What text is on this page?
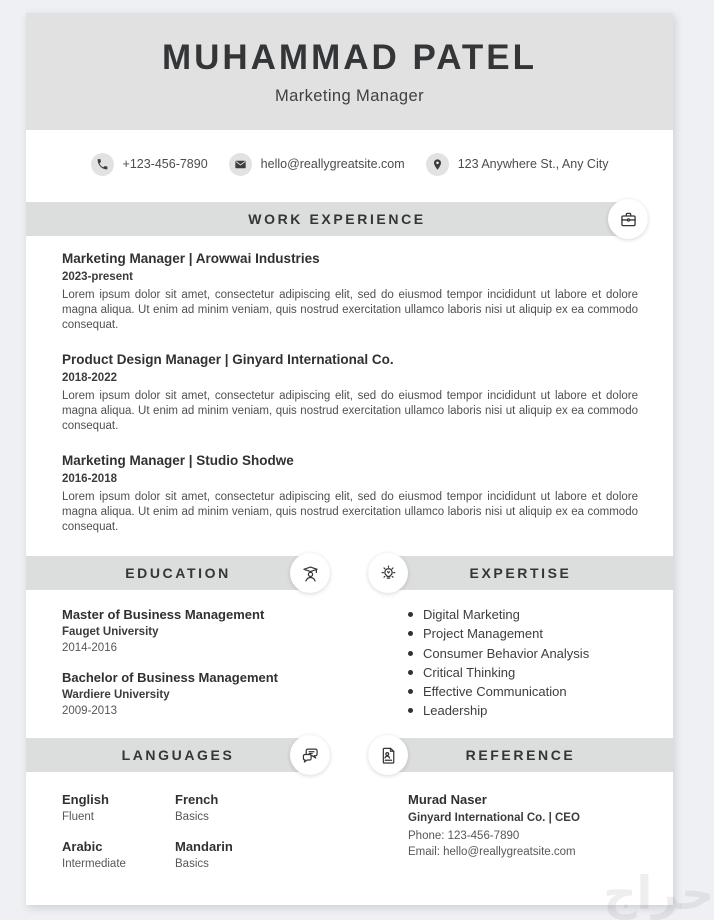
MUHAMMAD PATEL
Marketing Manager
+123-456-7890	hello@reallygreatsite.com	123 Anywhere St., Any City
WORK EXPERIENCE
Marketing Manager | Arowwai Industries
2023-present
Lorem ipsum dolor sit amet, consectetur adipiscing elit, sed do eiusmod tempor incididunt ut labore et dolore magna aliqua. Ut enim ad minim veniam, quis nostrud exercitation ullamco laboris nisi ut aliquip ex ea commodo consequat.
Product Design Manager | Ginyard International Co.
2018-2022
Lorem ipsum dolor sit amet, consectetur adipiscing elit, sed do eiusmod tempor incididunt ut labore et dolore magna aliqua. Ut enim ad minim veniam, quis nostrud exercitation ullamco laboris nisi ut aliquip ex ea commodo consequat.
Marketing Manager | Studio Shodwe
2016-2018
Lorem ipsum dolor sit amet, consectetur adipiscing elit, sed do eiusmod tempor incididunt ut labore et dolore magna aliqua. Ut enim ad minim veniam, quis nostrud exercitation ullamco laboris nisi ut aliquip ex ea commodo consequat.
EDUCATION
Master of Business Management
Fauget University
2014-2016
Bachelor of Business Management
Wardiere University
2009-2013
EXPERTISE
Digital Marketing
Project Management
Consumer Behavior Analysis
Critical Thinking
Effective Communication
Leadership
LANGUAGES
English
Fluent
French
Basics
Arabic
Intermediate
Mandarin
Basics
REFERENCE
Murad Naser
Ginyard International Co. | CEO
Phone: 123-456-7890
Email: hello@reallygreatsite.com
